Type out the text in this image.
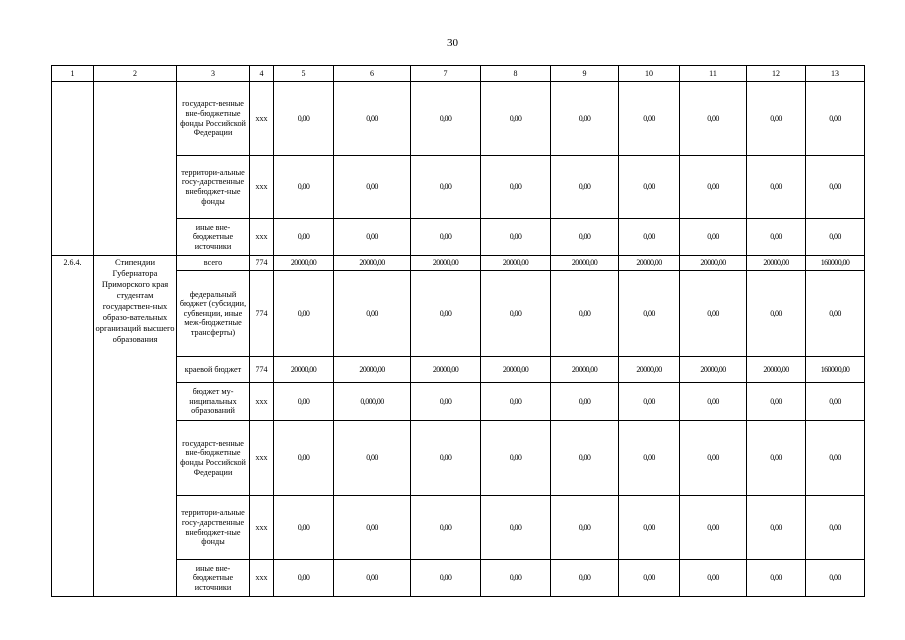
30
1	2	3	4	5	6	7	8	9	10	11	12	13
		государст-венные вне-бюджетные фонды Российской Федерации	ххх	0,00	0,00	0,00	0,00	0,00	0,00	0,00	0,00	0,00
		территори-альные госу-дарственные внебюджет-ные фонды	ххх	0,00	0,00	0,00	0,00	0,00	0,00	0,00	0,00	0,00
		иные вне-бюджетные источники	ххх	0,00	0,00	0,00	0,00	0,00	0,00	0,00	0,00	0,00
2.6.4.	Стипендии Губернатора Приморского края студентам государствен-ных образо-вательных организаций высшего образования	всего	774	20000,00	20000,00	20000,00	20000,00	20000,00	20000,00	20000,00	20000,00	160000,00
		федеральный бюджет (субсидии, субвенции, иные меж-бюджетные трансферты)	774	0,00	0,00	0,00	0,00	0,00	0,00	0,00	0,00	0,00
		краевой бюджет	774	20000,00	20000,00	20000,00	20000,00	20000,00	20000,00	20000,00	20000,00	160000,00
		бюджет му-ниципальных образований	ххх	0,00	0,000,00	0,00	0,00	0,00	0,00	0,00	0,00	0,00
		государст-венные вне-бюджетные фонды Российской Федерации	ххх	0,00	0,00	0,00	0,00	0,00	0,00	0,00	0,00	0,00
		территори-альные госу-дарственные внебюджет-ные фонды	ххх	0,00	0,00	0,00	0,00	0,00	0,00	0,00	0,00	0,00
		иные вне-бюджетные источники	ххх	0,00	0,00	0,00	0,00	0,00	0,00	0,00	0,00	0,00
